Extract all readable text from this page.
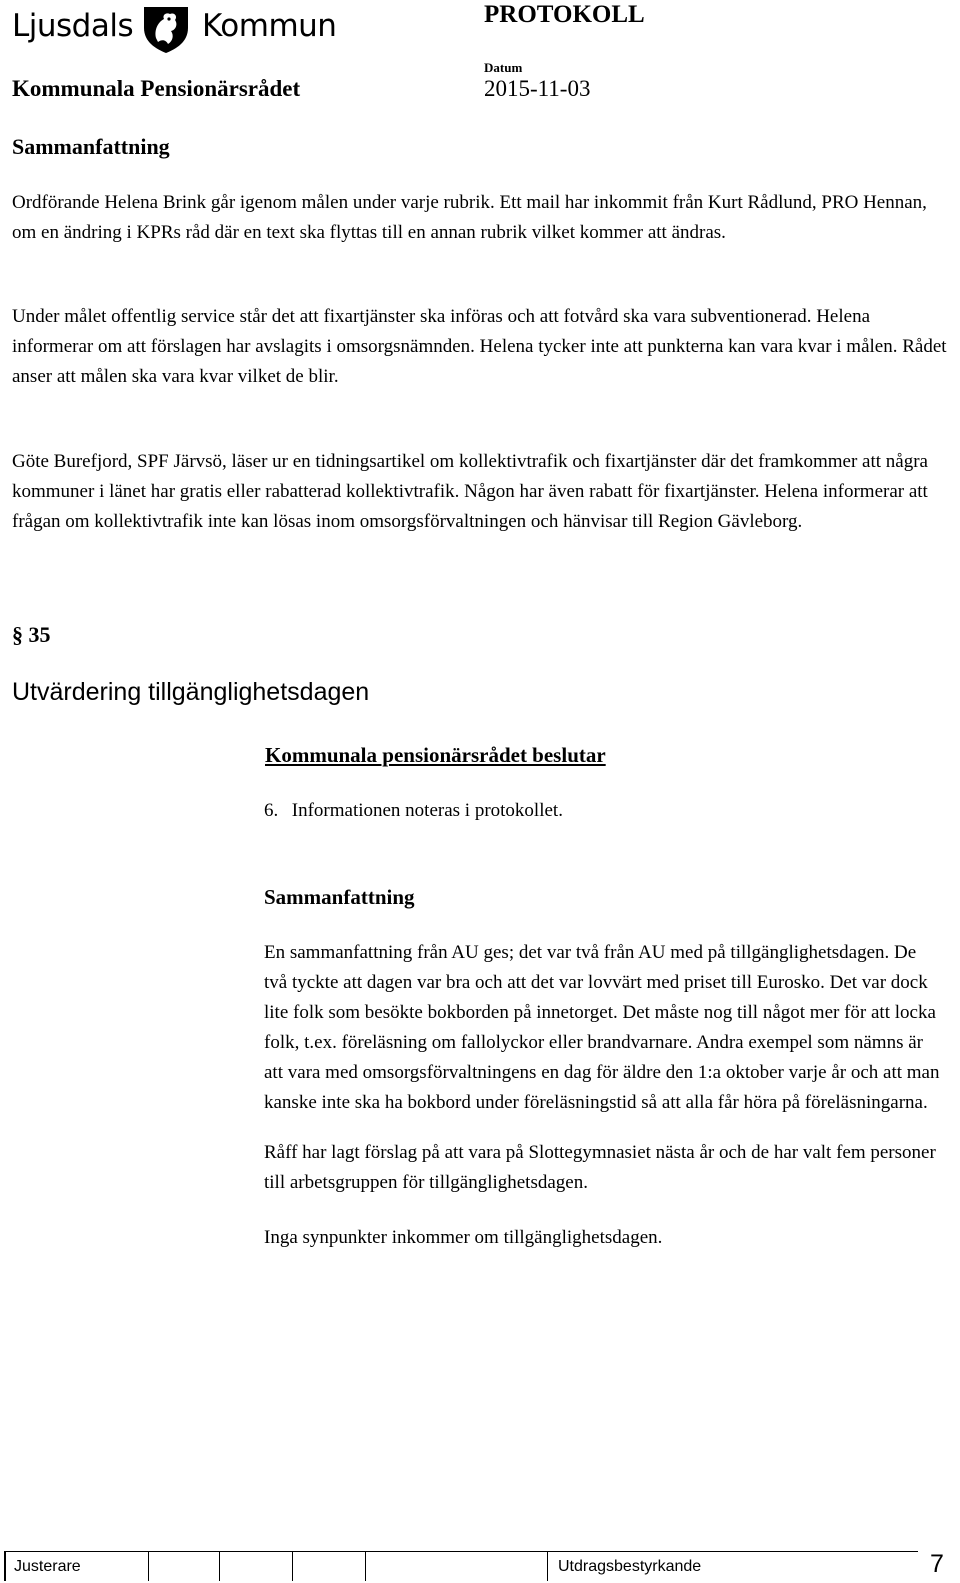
Ljusdals Kommun	PROTOKOLL
Datum
Kommunala Pensionärsrådet	2015-11-03
Sammanfattning

Ordförande Helena Brink går igenom målen under varje rubrik. Ett mail har inkommit från Kurt Rådlund, PRO Hennan, om en ändring i KPRs råd där en text ska flyttas till en annan rubrik vilket kommer att ändras.

Under målet offentlig service står det att fixartjänster ska införas och att fotvård ska vara subventionerad. Helena informerar om att förslagen har avslagits i omsorgsnämnden. Helena tycker inte att punkterna kan vara kvar i målen. Rådet anser att målen ska vara kvar vilket de blir.

Göte Burefjord, SPF Järvsö, läser ur en tidningsartikel om kollektivtrafik och fixartjänster där det framkommer att några kommuner i länet har gratis eller rabatterad kollektivtrafik. Någon har även rabatt för fixartjänster. Helena informerar att frågan om kollektivtrafik inte kan lösas inom omsorgsförvaltningen och hänvisar till Region Gävleborg.

§ 35
Utvärdering tillgänglighetsdagen
Kommunala pensionärsrådet beslutar
6. Informationen noteras i protokollet.
Sammanfattning

En sammanfattning från AU ges; det var två från AU med på tillgänglighetsdagen. De två tyckte att dagen var bra och att det var lovvärt med priset till Eurosko. Det var dock lite folk som besökte bokborden på innetorget. Det måste nog till något mer för att locka folk, t.ex. föreläsning om fallolyckor eller brandvarnare. Andra exempel som nämns är att vara med omsorgsförvaltningens en dag för äldre den 1:a oktober varje år och att man kanske inte ska ha bokbord under föreläsningstid så att alla får höra på föreläsningarna.

Råff har lagt förslag på att vara på Slottegymnasiet nästa år och de har valt fem personer till arbetsgruppen för tillgänglighetsdagen.

Inga synpunkter inkommer om tillgänglighetsdagen.

Justerare	Utdragsbestyrkande	7
